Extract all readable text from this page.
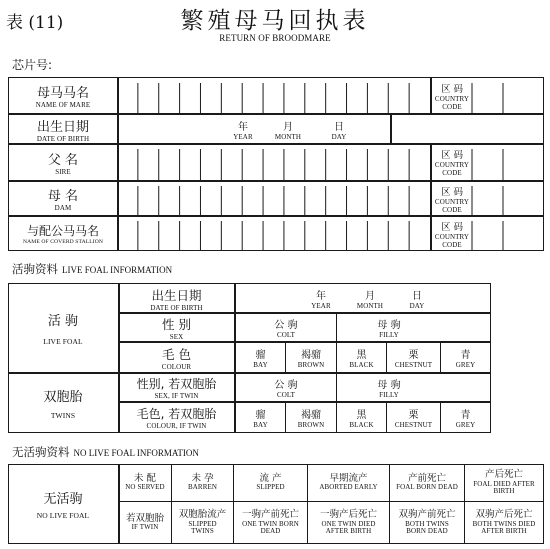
表 (11)	繁殖母马回执表
RETURN OF BROODMARE
芯片号:
母马马名
NAME OF MARE
出生日期
DATE OF BIRTH
父 名
SIRE
母 名
DAM
与配公马马名
NAME OF COVERD STALLION
区 码
COUNTRY
CODE
区 码
COUNTRY
CODE
区 码
COUNTRY
CODE
区 码
COUNTRY
CODE
年
YEAR
月
MONTH
日
DAY
活驹资料 LIVE FOAL INFORMATION
活 驹
LIVE FOAL
双胞胎
TWINS
出生日期
DATE OF BIRTH
性 别
SEX
毛 色
COLOUR
性别, 若双胞胎
SEX, IF TWIN
毛色, 若双胞胎
COLOUR, IF TWIN
年
YEAR
月
MONTH
日
DAY
公 驹
COLT
母 驹
FILLY
公 驹
COLT
母 驹
FILLY
骝
BAY
褐骝
BROWN
黑
BLACK
栗
CHESTNUT
青
GREY
骝
BAY
褐骝
BROWN
黑
BLACK
栗
CHESTNUT
青
GREY
无活驹资料 NO LIVE FOAL INFORMATION
无活驹
NO LIVE FOAL
未 配
NO SERVED
未 孕
BARREN
流 产
SLIPPED
早期流产
ABORTED EARLY
产前死亡
FOAL BORN DEAD
产后死亡
FOAL DIED AFTER
BIRTH
若双胞胎
IF TWIN
双胞胎流产
SLIPPED
TWINS
一驹产前死亡
ONE TWIN BORN
DEAD
一驹产后死亡
ONE TWIN DIED
AFTER BIRTH
双驹产前死亡
BOTH TWINS
BORN DEAD
双驹产后死亡
BOTH TWINS DIED
AFTER BIRTH
